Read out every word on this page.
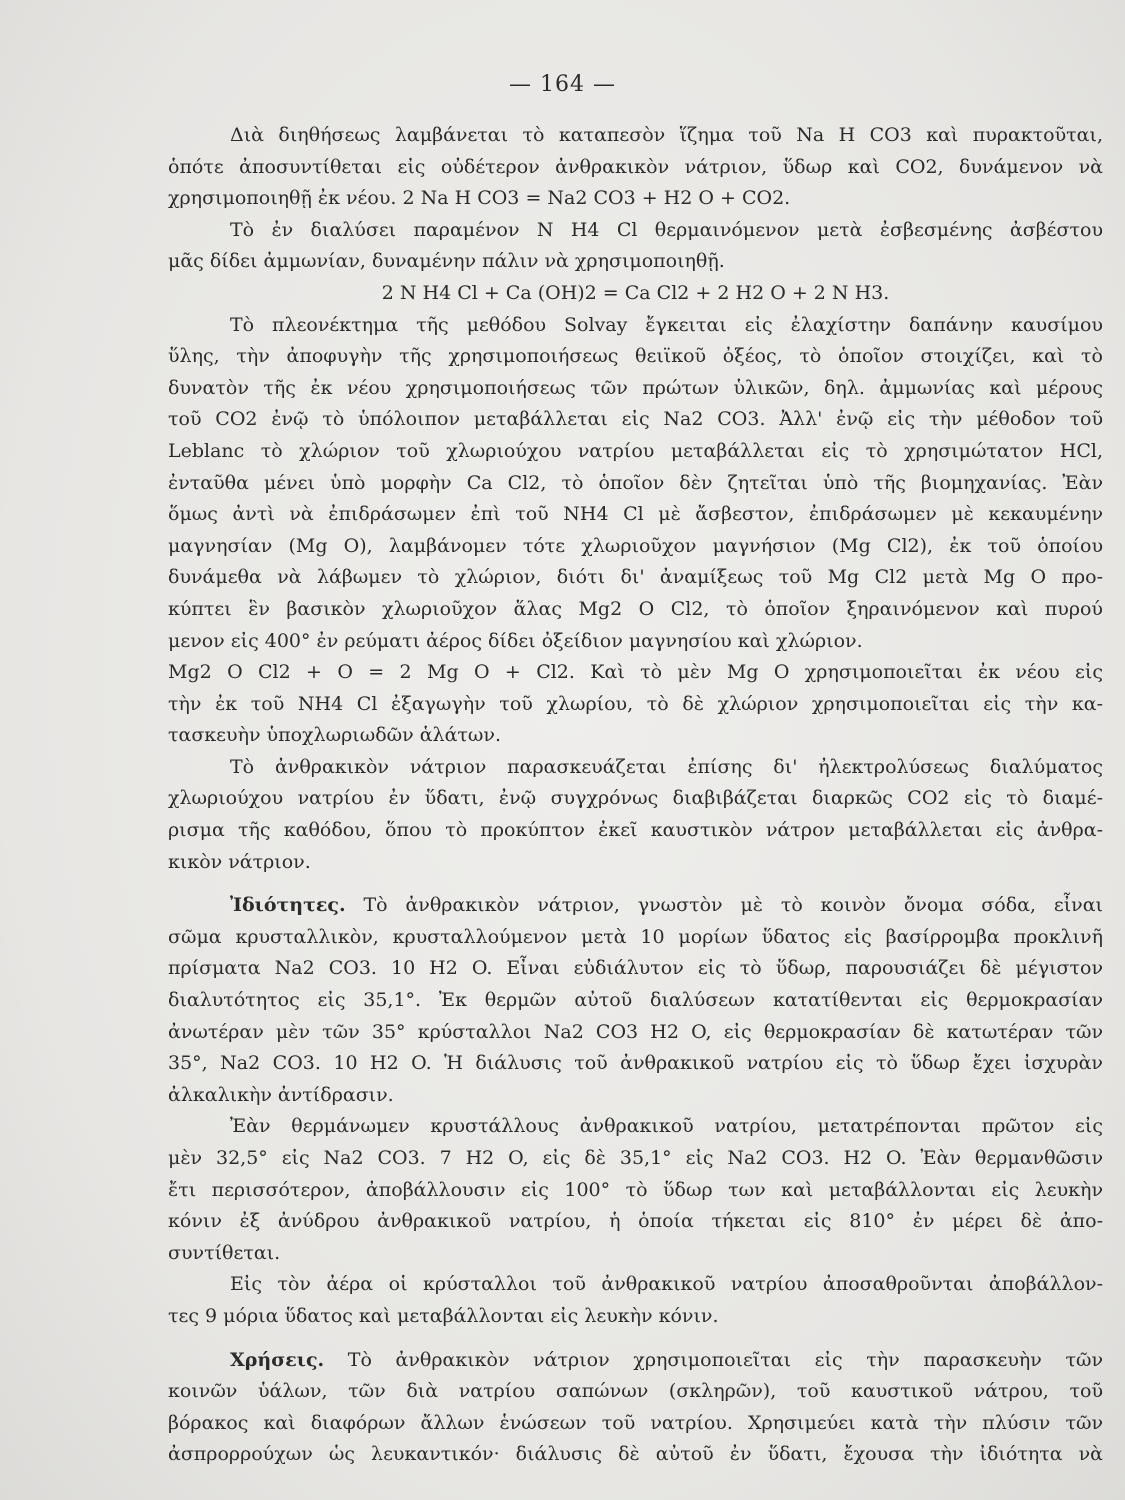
— 164 —
Διὰ διηθήσεως λαμβάνεται τὸ καταπεσὸν ἵζημα τοῦ Na H CO3 καὶ πυρακτοῦται,
ὁπότε ἀποσυντίθεται εἰς οὐδέτερον ἀνθρακικὸν νάτριον, ὕδωρ καὶ CO2, δυνάμενον νὰ
χρησιμοποιηθῇ ἐκ νέου. 2 Na H CO3 = Na2 CO3 + H2 O + CO2.
Τὸ ἐν διαλύσει παραμένον N H4 Cl θερμαινόμενον μετὰ ἐσβεσμένης ἀσβέστου
μᾶς δίδει ἀμμωνίαν, δυναμένην πάλιν νὰ χρησιμοποιηθῇ.
2 N H4 Cl + Ca (OH)2 = Ca Cl2 + 2 H2 O + 2 N H3.
Τὸ πλεονέκτημα τῆς μεθόδου Solvay ἔγκειται εἰς ἐλαχίστην δαπάνην καυσίμου
ὕλης, τὴν ἀποφυγὴν τῆς χρησιμοποιήσεως θειϊκοῦ ὀξέος, τὸ ὁποῖον στοιχίζει, καὶ τὸ
δυνατὸν τῆς ἐκ νέου χρησιμοποιήσεως τῶν πρώτων ὑλικῶν, δηλ. ἀμμωνίας καὶ μέρους
τοῦ CO2 ἐνῷ τὸ ὑπόλοιπον μεταβάλλεται εἰς Na2 CO3. Ἀλλ' ἐνῷ εἰς τὴν μέθοδον τοῦ
Leblanc τὸ χλώριον τοῦ χλωριούχου νατρίου μεταβάλλεται εἰς τὸ χρησιμώτατον HCl,
ἐνταῦθα μένει ὑπὸ μορφὴν Ca Cl2, τὸ ὁποῖον δὲν ζητεῖται ὑπὸ τῆς βιομηχανίας. Ἐὰν
ὅμως ἀντὶ νὰ ἐπιδράσωμεν ἐπὶ τοῦ NH4 Cl μὲ ἄσβεστον, ἐπιδράσωμεν μὲ κεκαυμένην
μαγνησίαν (Mg O), λαμβάνομεν τότε χλωριοῦχον μαγνήσιον (Mg Cl2), ἐκ τοῦ ὁποίου
δυνάμεθα νὰ λάβωμεν τὸ χλώριον, διότι δι' ἀναμίξεως τοῦ Mg Cl2 μετὰ Mg O προ-
κύπτει ἓν βασικὸν χλωριοῦχον ἅλας Mg2 O Cl2, τὸ ὁποῖον ξηραινόμενον καὶ πυρού
μενον εἰς 400° ἐν ρεύματι ἀέρος δίδει ὀξείδιον μαγνησίου καὶ χλώριον.
Mg2 O Cl2 + O = 2 Mg O + Cl2. Καὶ τὸ μὲν Mg O χρησιμοποιεῖται ἐκ νέου εἰς
τὴν ἐκ τοῦ NH4 Cl ἐξαγωγὴν τοῦ χλωρίου, τὸ δὲ χλώριον χρησιμοποιεῖται εἰς τὴν κα-
τασκευὴν ὑποχλωριωδῶν ἁλάτων.
Τὸ ἀνθρακικὸν νάτριον παρασκευάζεται ἐπίσης δι' ἠλεκτρολύσεως διαλύματος
χλωριούχου νατρίου ἐν ὕδατι, ἐνῷ συγχρόνως διαβιβάζεται διαρκῶς CO2 εἰς τὸ διαμέ-
ρισμα τῆς καθόδου, ὅπου τὸ προκύπτον ἐκεῖ καυστικὸν νάτρον μεταβάλλεται εἰς ἀνθρα-
κικὸν νάτριον.
Ἰδιότητες. Τὸ ἀνθρακικὸν νάτριον, γνωστὸν μὲ τὸ κοινὸν ὄνομα σόδα, εἶναι
σῶμα κρυσταλλικὸν, κρυσταλλούμενον μετὰ 10 μορίων ὕδατος εἰς βασίρρομβα προκλινῆ
πρίσματα Na2 CO3. 10 H2 O. Εἶναι εὐδιάλυτον εἰς τὸ ὕδωρ, παρουσιάζει δὲ μέγιστον
διαλυτότητος εἰς 35,1°. Ἐκ θερμῶν αὐτοῦ διαλύσεων κατατίθενται εἰς θερμοκρασίαν
ἀνωτέραν μὲν τῶν 35° κρύσταλλοι Na2 CO3 H2 O, εἰς θερμοκρασίαν δὲ κατωτέραν τῶν
35°, Na2 CO3. 10 H2 O. Ἡ διάλυσις τοῦ ἀνθρακικοῦ νατρίου εἰς τὸ ὕδωρ ἔχει ἰσχυρὰν
ἀλκαλικὴν ἀντίδρασιν.
Ἐὰν θερμάνωμεν κρυστάλλους ἀνθρακικοῦ νατρίου, μετατρέπονται πρῶτον εἰς
μὲν 32,5° εἰς Na2 CO3. 7 H2 O, εἰς δὲ 35,1° εἰς Na2 CO3. H2 O. Ἐὰν θερμανθῶσιν
ἔτι περισσότερον, ἀποβάλλουσιν εἰς 100° τὸ ὕδωρ των καὶ μεταβάλλονται εἰς λευκὴν
κόνιν ἐξ ἀνύδρου ἀνθρακικοῦ νατρίου, ἡ ὁποία τήκεται εἰς 810° ἐν μέρει δὲ ἀπο-
συντίθεται.
Εἰς τὸν ἀέρα οἱ κρύσταλλοι τοῦ ἀνθρακικοῦ νατρίου ἀποσαθροῦνται ἀποβάλλον-
τες 9 μόρια ὕδατος καὶ μεταβάλλονται εἰς λευκὴν κόνιν.
Χρήσεις. Τὸ ἀνθρακικὸν νάτριον χρησιμοποιεῖται εἰς τὴν παρασκευὴν τῶν
κοινῶν ὑάλων, τῶν διὰ νατρίου σαπώνων (σκληρῶν), τοῦ καυστικοῦ νάτρου, τοῦ
βόρακος καὶ διαφόρων ἄλλων ἑνώσεων τοῦ νατρίου. Χρησιμεύει κατὰ τὴν πλύσιν τῶν
ἀσπρορρούχων ὡς λευκαντικόν· διάλυσις δὲ αὐτοῦ ἐν ὕδατι, ἔχουσα τὴν ἰδιότητα νὰ
